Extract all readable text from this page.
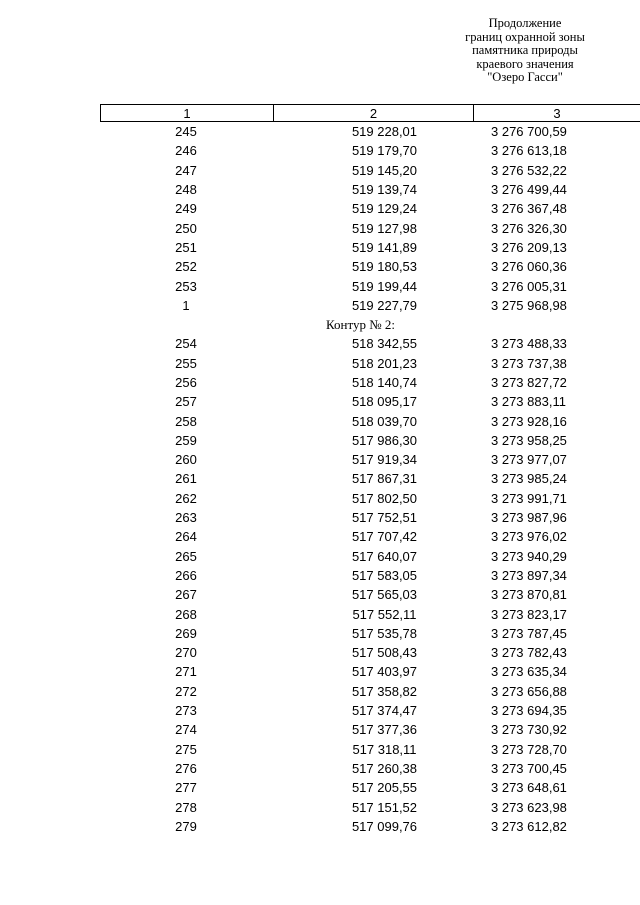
Продолжение
границ охранной зоны
памятника природы
краевого значения
"Озеро Гасси"
1	2	3
245	519 228,01	3 276 700,59
246	519 179,70	3 276 613,18
247	519 145,20	3 276 532,22
248	519 139,74	3 276 499,44
249	519 129,24	3 276 367,48
250	519 127,98	3 276 326,30
251	519 141,89	3 276 209,13
252	519 180,53	3 276 060,36
253	519 199,44	3 276 005,31
1	519 227,79	3 275 968,98
Контур № 2:
254	518 342,55	3 273 488,33
255	518 201,23	3 273 737,38
256	518 140,74	3 273 827,72
257	518 095,17	3 273 883,11
258	518 039,70	3 273 928,16
259	517 986,30	3 273 958,25
260	517 919,34	3 273 977,07
261	517 867,31	3 273 985,24
262	517 802,50	3 273 991,71
263	517 752,51	3 273 987,96
264	517 707,42	3 273 976,02
265	517 640,07	3 273 940,29
266	517 583,05	3 273 897,34
267	517 565,03	3 273 870,81
268	517 552,11	3 273 823,17
269	517 535,78	3 273 787,45
270	517 508,43	3 273 782,43
271	517 403,97	3 273 635,34
272	517 358,82	3 273 656,88
273	517 374,47	3 273 694,35
274	517 377,36	3 273 730,92
275	517 318,11	3 273 728,70
276	517 260,38	3 273 700,45
277	517 205,55	3 273 648,61
278	517 151,52	3 273 623,98
279	517 099,76	3 273 612,82
